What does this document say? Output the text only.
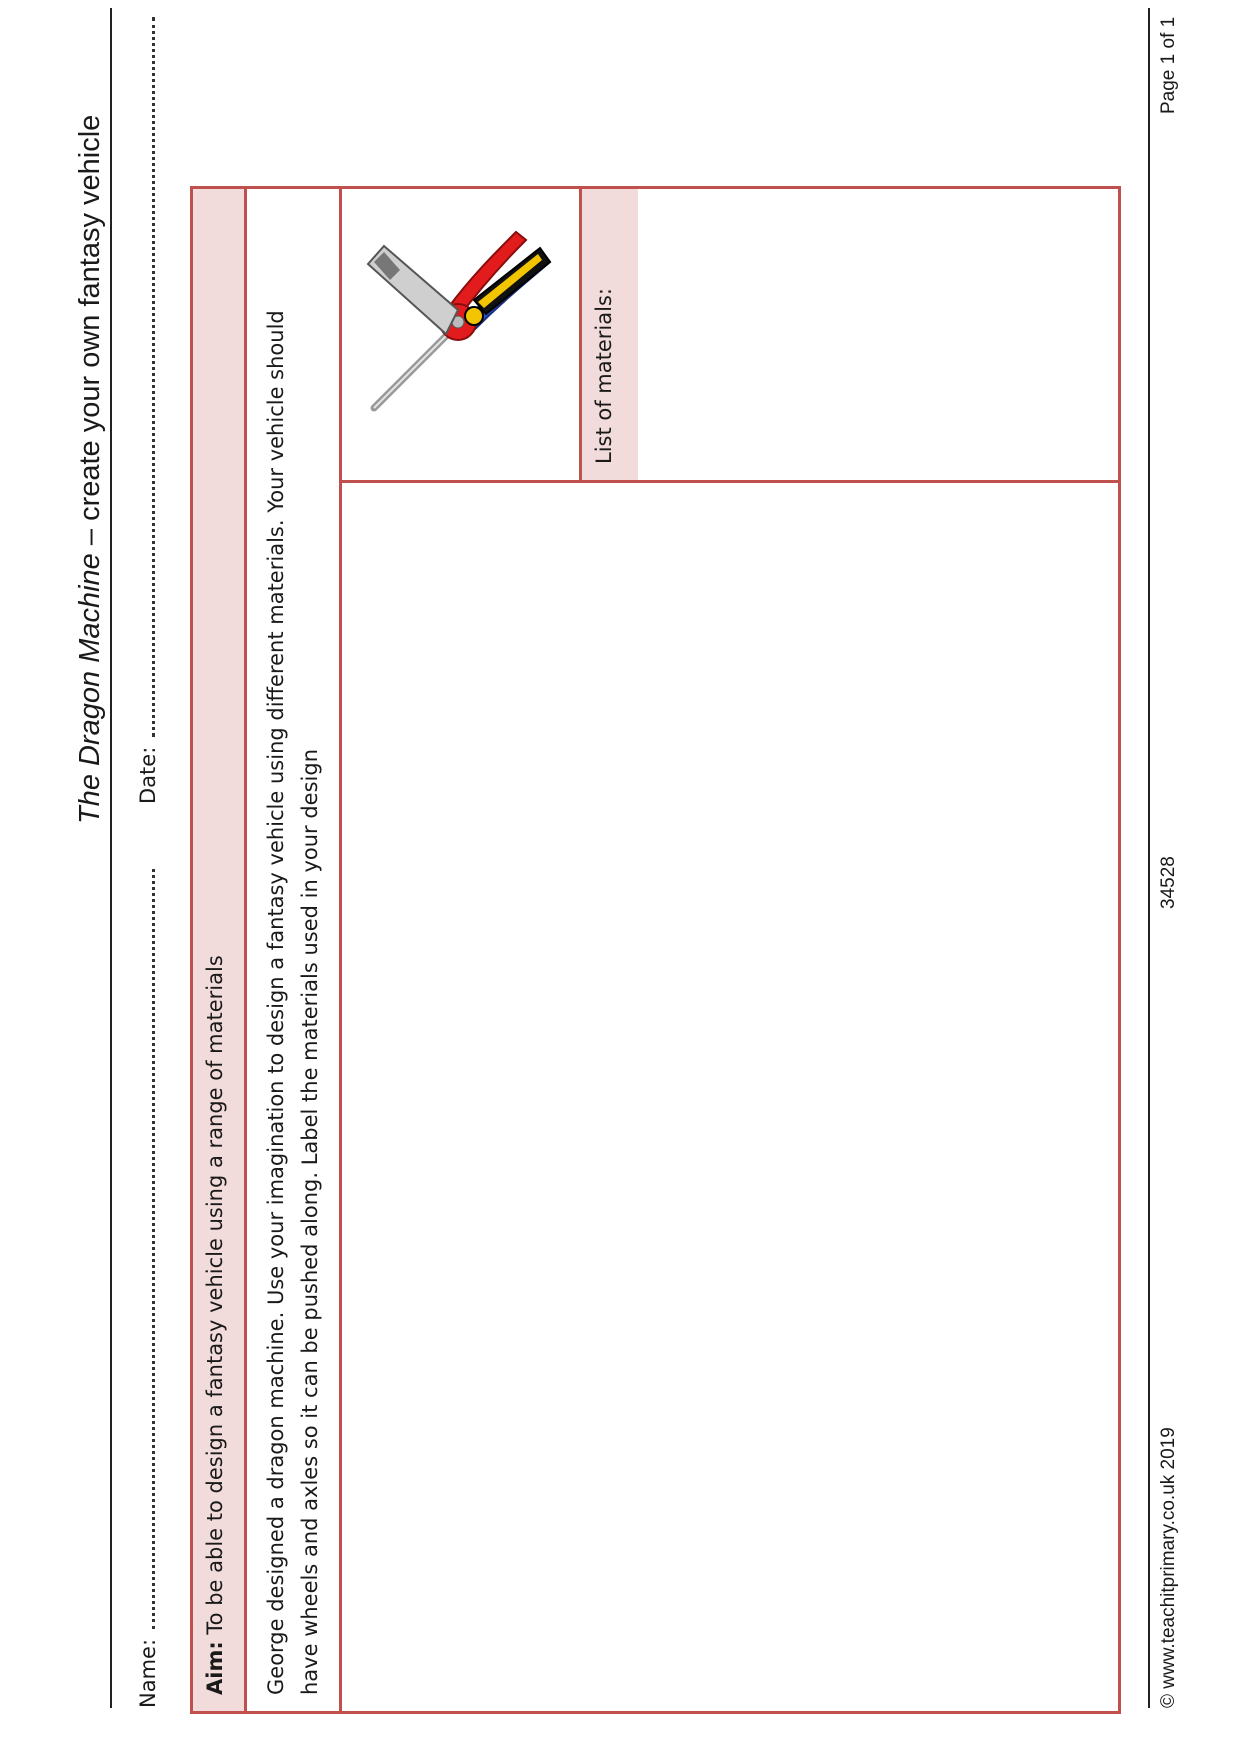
The Dragon Machine – create your own fantasy vehicle
Name:
Date:
Aim: To be able to design a fantasy vehicle using a range of materials	George designed a dragon machine. Use your imagination to design a fantasy vehicle using different materials. Your vehicle should have wheels and axles so it can be pushed along. Label the materials used in your design
List of materials:
© www.teachitprimary.co.uk 2019
34528
Page 1 of 1
